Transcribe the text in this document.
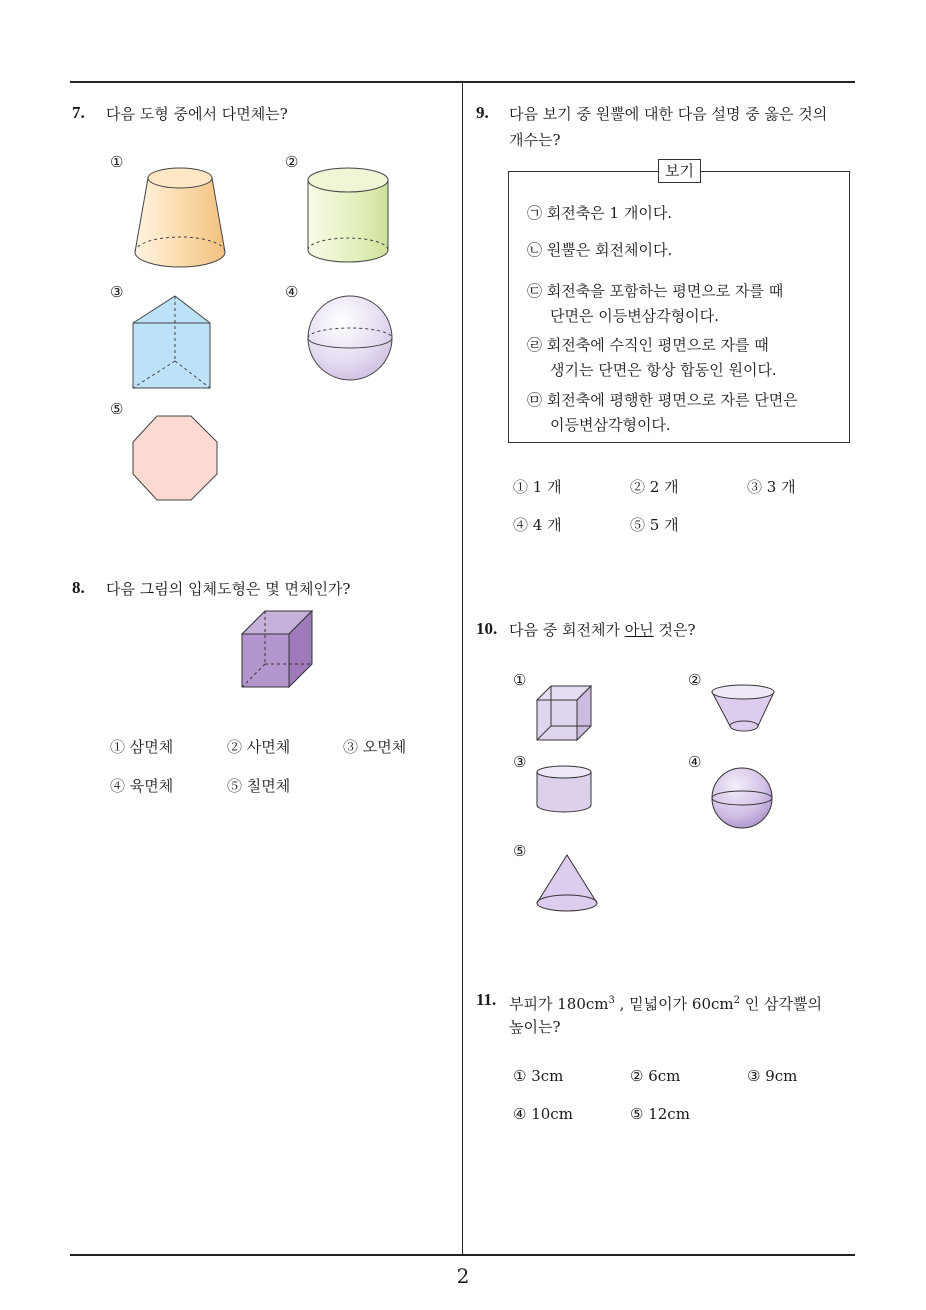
7. 다음 도형 중에서 다면체는?
①	②
③	④
⑤
8. 다음 그림의 입체도형은 몇 면체인가?
① 삼면체	② 사면체	③ 오면체
④ 육면체	⑤ 칠면체
9. 다음 보기 중 원뿔에 대한 다음 설명 중 옳은 것의
개수는?
보기
㉠ 회전축은 1 개이다.
㉡ 원뿔은 회전체이다.
㉢ 회전축을 포함하는 평면으로 자를 때
단면은 이등변삼각형이다.
㉣ 회전축에 수직인 평면으로 자를 때
생기는 단면은 항상 합동인 원이다.
㉤ 회전축에 평행한 평면으로 자른 단면은
이등변삼각형이다.
① 1 개	② 2 개	③ 3 개
④ 4 개	⑤ 5 개
10. 다음 중 회전체가 아닌 것은?
①	②
③	④
⑤
11. 부피가 $180cm^3$ , 밑넓이가 $60cm^2$ 인 삼각뿔의
높이는?
① 3cm	② 6cm	③ 9cm
④ 10cm	⑤ 12cm
2
